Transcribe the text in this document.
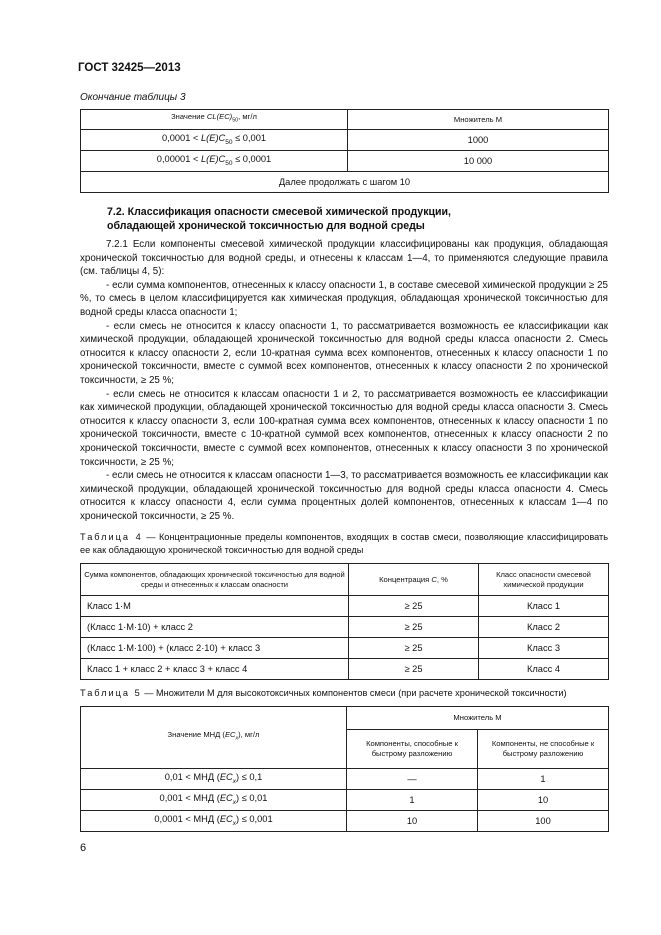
ГОСТ 32425—2013
Окончание таблицы 3
Значение $CL(EC)_{50}$, мг/л	Множитель М
$0,0001 < L(E)C_{50} \le 0,001$	1000
$0,00001 < L(E)C_{50} \le 0,0001$	10 000
Далее продолжать с шагом 10	
7.2. Классификация опасности смесевой химической продукции,
обладающей хронической токсичностью для водной среды

7.2.1 Если компоненты смесевой химической продукции классифицированы как продукция, обладающая хронической токсичностью для водной среды, и отнесены к классам 1—4, то применяются следующие правила (см. таблицы 4, 5):

- если сумма компонентов, отнесенных к классу опасности 1, в составе смесевой химической продукции ≥ 25 %, то смесь в целом классифицируется как химическая продукция, обладающая хронической токсичностью для водной среды класса опасности 1;

- если смесь не относится к классу опасности 1, то рассматривается возможность ее классификации как химической продукции, обладающей хронической токсичностью для водной среды класса опасности 2. Смесь относится к классу опасности 2, если 10-кратная сумма всех компонентов, отнесенных к классу опасности 1 по хронической токсичности, вместе с суммой всех компонентов, отнесенных к классу опасности 2 по хронической токсичности, ≥ 25 %;

- если смесь не относится к классам опасности 1 и 2, то рассматривается возможность ее классификации как химической продукции, обладающей хронической токсичностью для водной среды класса опасности 3. Смесь относится к классу опасности 3, если 100-кратная сумма всех компонентов, отнесенных к классу опасности 1 по хронической токсичности, вместе с 10-кратной суммой всех компонентов, отнесенных к классу опасности 2 по хронической токсичности, вместе с суммой всех компонентов, отнесенных к классу опасности 3 по хронической токсичности, ≥ 25 %;

- если смесь не относится к классам опасности 1—3, то рассматривается возможность ее классификации как химической продукции, обладающей хронической токсичностью для водной среды класса опасности 4. Смесь относится к классу опасности 4, если сумма процентных долей компонентов, отнесенных к классам 1—4 по хронической токсичности, ≥ 25 %.

Таблица 4 — Концентрационные пределы компонентов, входящих в состав смеси, позволяющие классифицировать ее как обладающую хронической токсичностью для водной среды

Сумма компонентов, обладающих хронической токсичностью для водной среды и отнесенных к классам опасности	Концентрация С, %	Класс опасности смесевой химической продукции
Класс 1·М	≥ 25	Класс 1
(Класс 1·М·10) + класс 2	≥ 25	Класс 2
(Класс 1·М·100) + (класс 2·10) + класс 3	≥ 25	Класс 3
Класс 1 + класс 2 + класс 3 + класс 4	≥ 25	Класс 4
Таблица 5 — Множители М для высокотоксичных компонентов смеси (при расчете хронической токсичности)
Значение МНД $(EC_x)$, мг/л	Множитель М	
	Компоненты, способные к быстрому разложению	Компоненты, не способные к быстрому разложению
0,01 < МНД $(EC_x) \le 0,1$	—	1
0,001 < МНД $(EC_x) \le 0,01$	1	10
0,0001 < МНД $(EC_x) \le 0,001$	10	100
6
